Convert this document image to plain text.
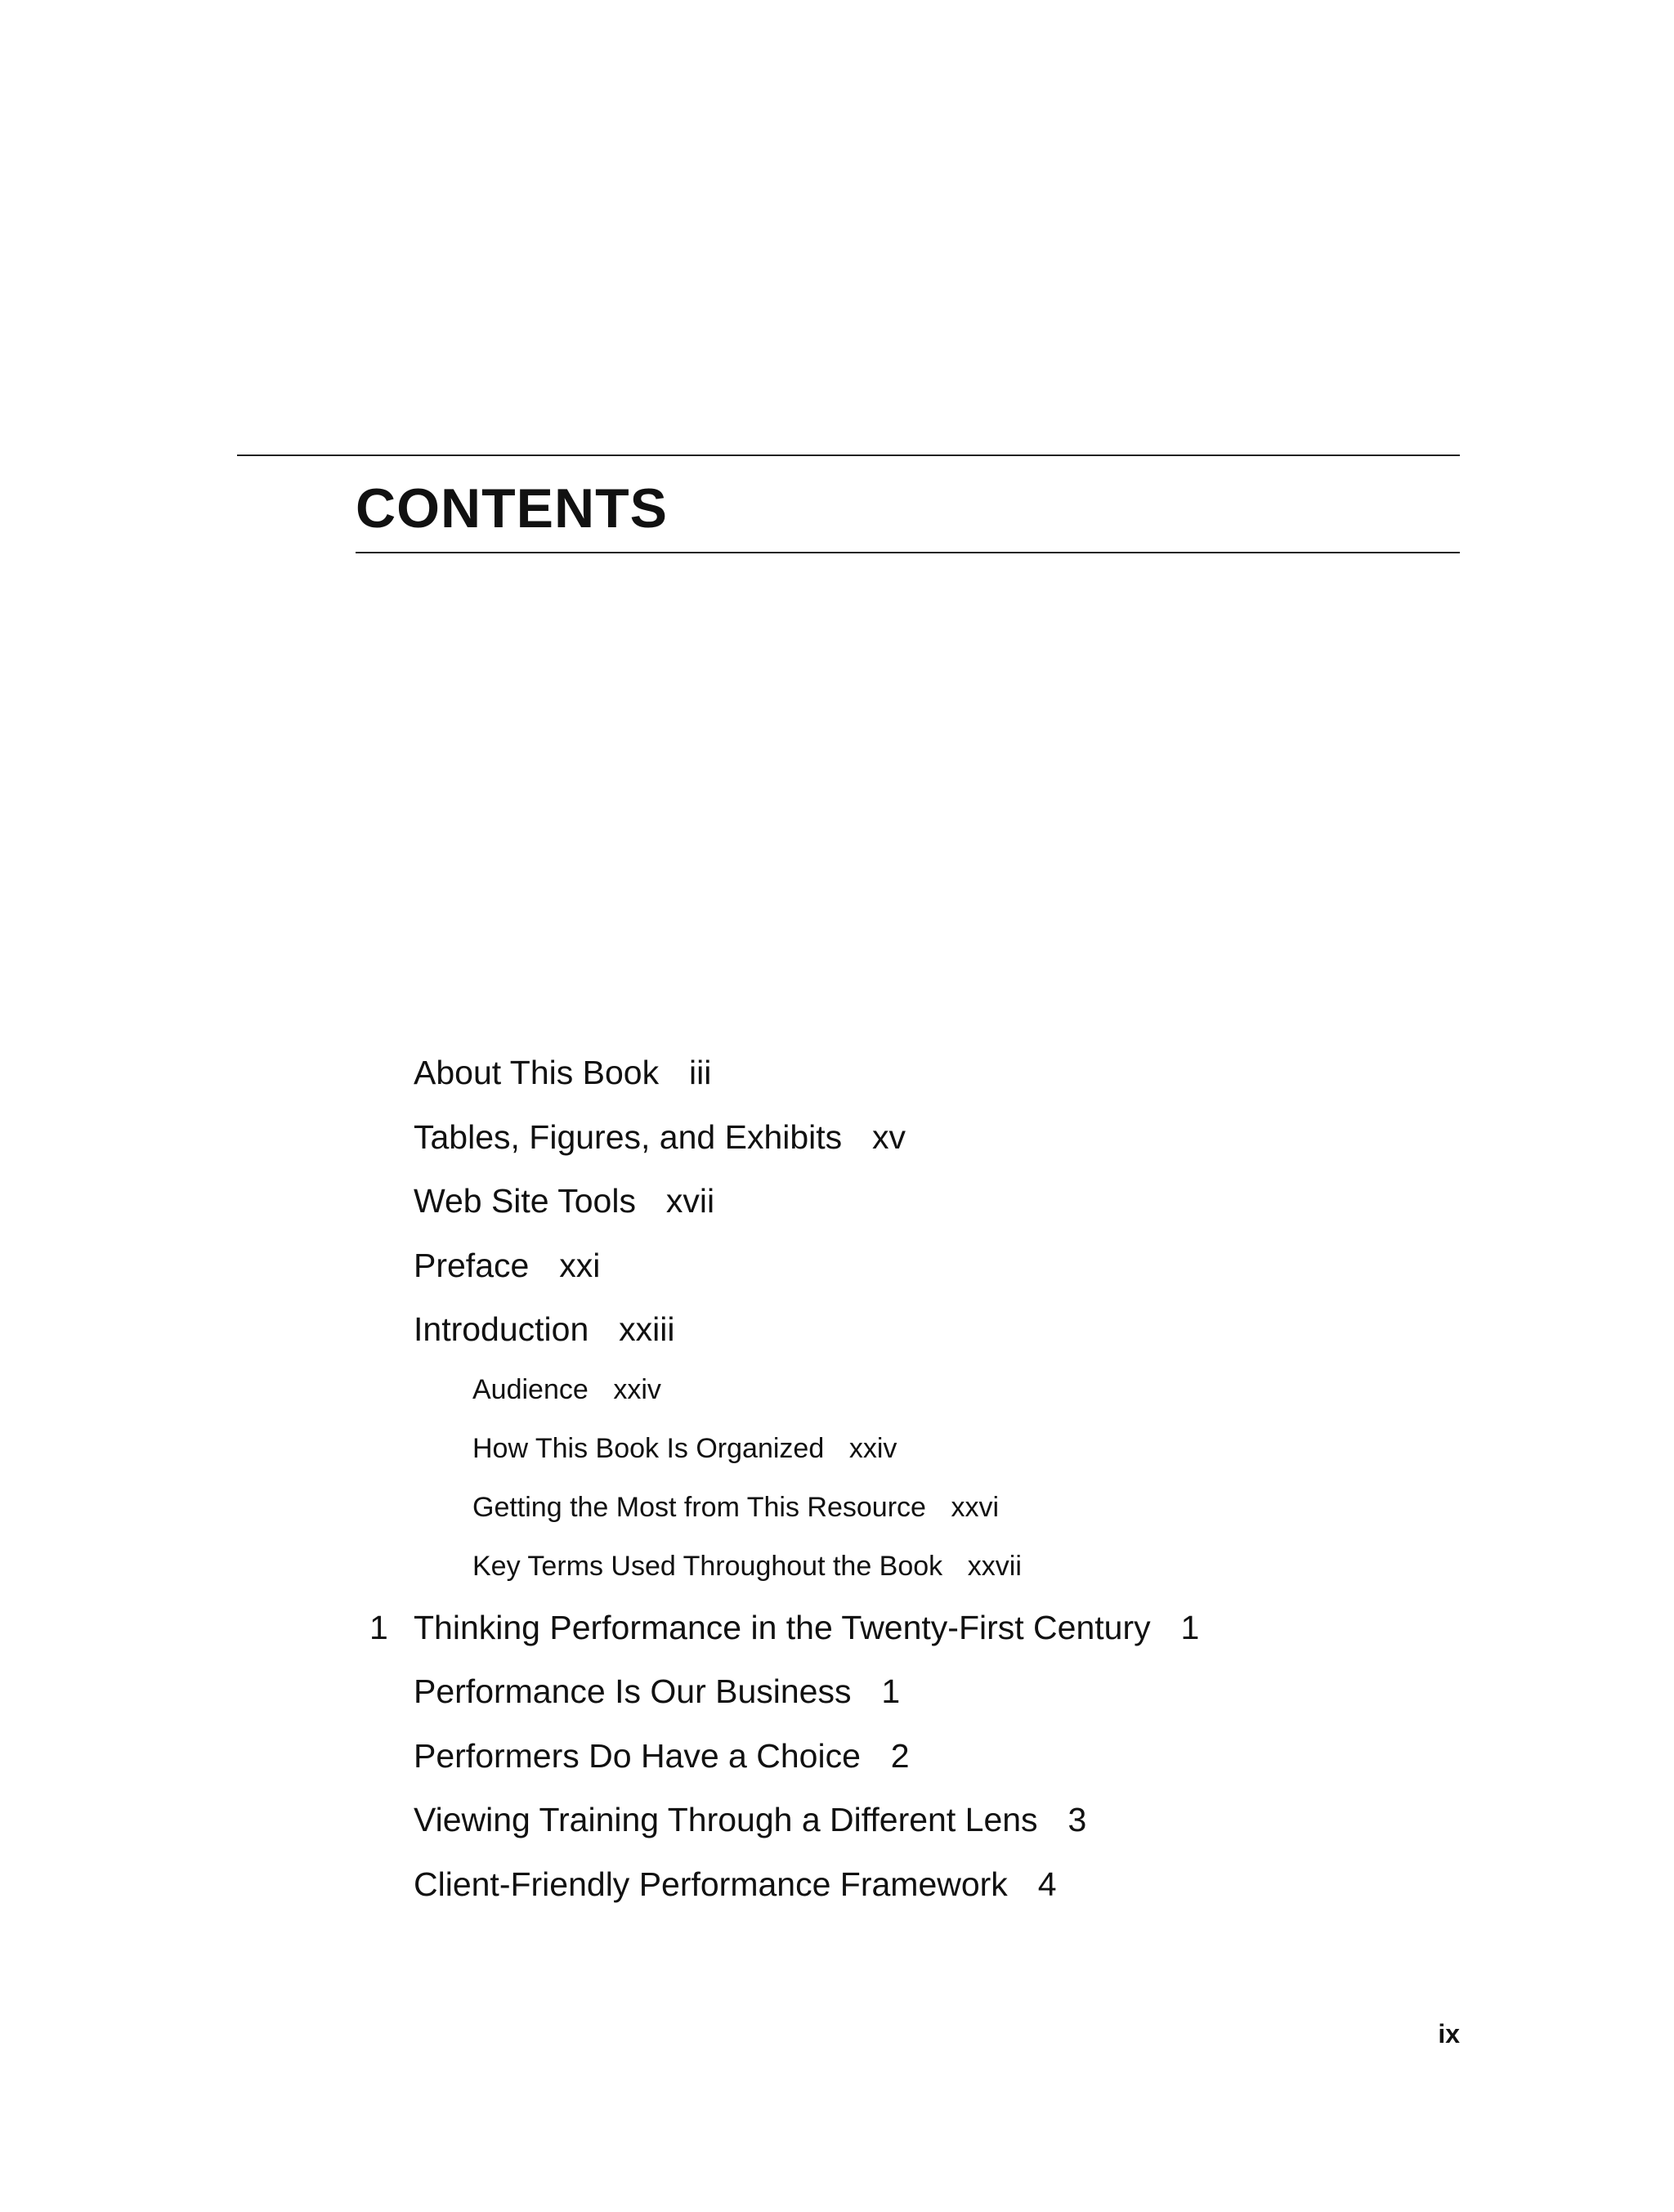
CONTENTS
About This Book iii
Tables, Figures, and Exhibits xv
Web Site Tools xvii
Preface xxi
Introduction xxiii
Audience xxiv
How This Book Is Organized xxiv
Getting the Most from This Resource xxvi
Key Terms Used Throughout the Book xxvii
1 Thinking Performance in the Twenty-First Century 1
Performance Is Our Business 1
Performers Do Have a Choice 2
Viewing Training Through a Different Lens 3
Client-Friendly Performance Framework 4
ix
